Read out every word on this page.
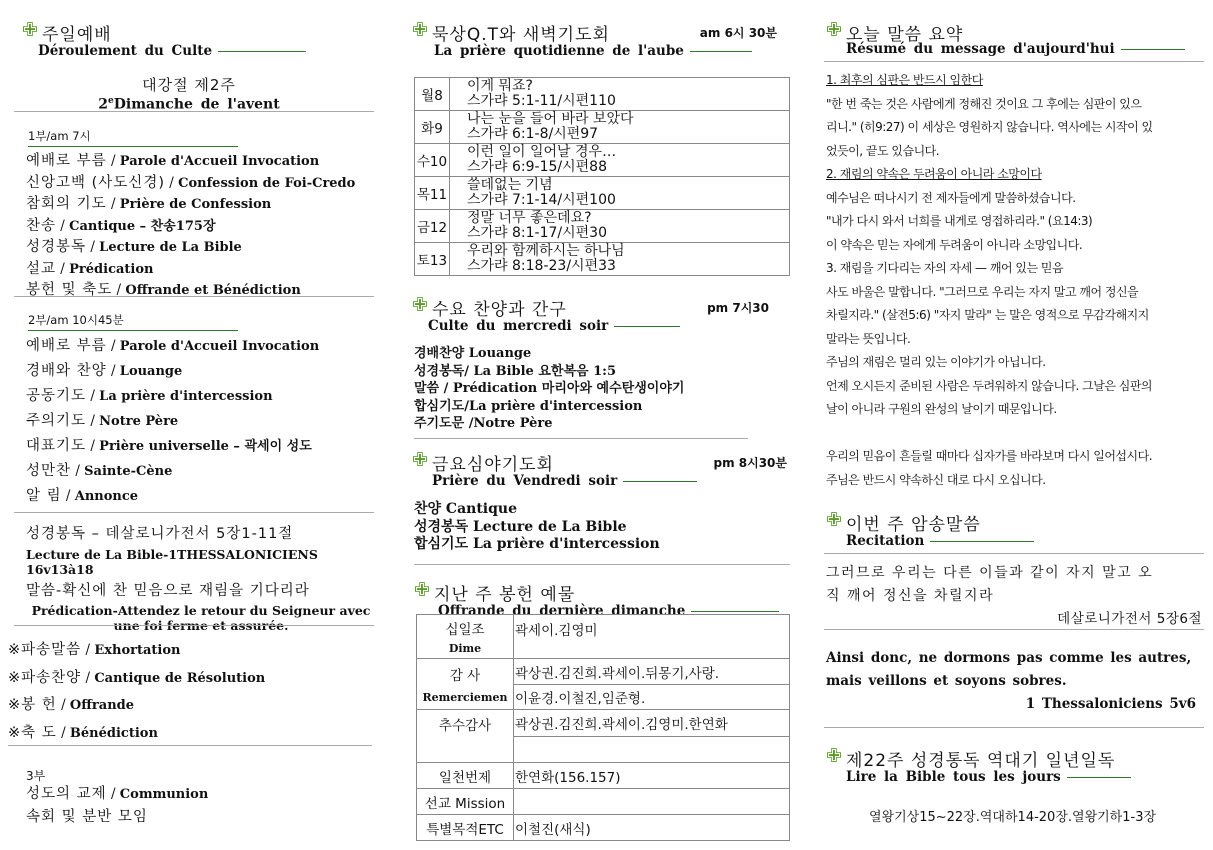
✙ 주일예배
Déroulement du Culte
대강절 제2주
2eDimanche de l'avent
1부/am 7시
예배로 부름 / Parole d'Accueil Invocation
신앙고백 (사도신경) / Confession de Foi-Credo
참회의 기도 / Prière de Confession
찬송 / Cantique – 찬송175장
성경봉독 / Lecture de La Bible
설교 / Prédication
봉헌 및 축도 / Offrande et Bénédiction
2부/am 10시45분
예배로 부름 / Parole d'Accueil Invocation
경배와 찬양 / Louange
공동기도 / La prière d'intercession
주의기도 / Notre Père
대표기도 / Prière universelle – 곽세이 성도
성만찬 / Sainte-Cène
알 림 / Annonce
성경봉독 – 데살로니가전서 5장1-11절
Lecture de La Bible-1THESSALONICIENS 16v13à18
말씀-확신에 찬 믿음으로 재림을 기다리라
Prédication-Attendez le retour du Seigneur avec
une foi ferme et assurée.
※파송말씀 / Exhortation
※파송찬양 / Cantique de Résolution
※봉 헌 / Offrande
※축 도 / Bénédiction
3부
성도의 교제 / Communion
속회 및 분반 모임
✙ 묵상Q.T와 새벽기도회
La prière quotidienne de l'aube
am 6시 30분
월8	이게 뭐죠?
스가랴 5:1-11/시편110

화9	나는 눈을 들어 바라 보았다
스가랴 6:1-8/시편97

수10	이런 일이 일어날 경우…
스가랴 6:9-15/시편88

목11	쓸데없는 기념
스가랴 7:1-14/시편100

금12	정말 너무 좋은데요?
스가랴 8:1-17/시편30

토13	우리와 함께하시는 하나님
스가랴 8:18-23/시편33
✙ 수요 찬양과 간구
Culte du mercredi soir
pm 7시30
경배찬양 Louange
성경봉독/ La Bible 요한복음 1:5
말씀 / Prédication 마리아와 예수탄생이야기
합심기도/La prière d'intercession
주기도문 /Notre Père
✙ 금요심야기도회
Prière du Vendredi soir
pm 8시30분
찬양 Cantique
성경봉독 Lecture de La Bible
합심기도 La prière d'intercession
✙ 지난 주 봉헌 예물
Offrande du dernière dimanche
십일조
Dime	곽세이.김영미

감 사
Remerciemen	곽상권.김진희.곽세이.뒤몽기,사랑.
	이윤경.이철진,임준형.
추수감사	곽상권.김진희.곽세이.김영미.한연화

일천번제	한연화(156.157)
선교 Mission	
특별목적ETC	이철진(새식)
✙ 오늘 말씀 요약
Résumé du message d'aujourd'hui
1. 최후의 심판은 반드시 임한다
"한 번 죽는 것은 사람에게 정해진 것이요 그 후에는 심판이 있으
리니." (히9:27) 이 세상은 영원하지 않습니다. 역사에는 시작이 있
었듯이, 끝도 있습니다.
2. 재림의 약속은 두려움이 아니라 소망이다
예수님은 떠나시기 전 제자들에게 말씀하셨습니다.
"내가 다시 와서 너희를 내게로 영접하리라." (요14:3)
이 약속은 믿는 자에게 두려움이 아니라 소망입니다.
3. 재림을 기다리는 자의 자세 — 깨어 있는 믿음
사도 바울은 말합니다. "그러므로 우리는 자지 말고 깨어 정신을
차릴지라." (살전5:6) "자지 말라" 는 말은 영적으로 무감각해지지
말라는 뜻입니다.
주님의 재림은 멀리 있는 이야기가 아닙니다.
언제 오시든지 준비된 사람은 두려워하지 않습니다. 그날은 심판의
날이 아니라 구원의 완성의 날이기 때문입니다.
우리의 믿음이 흔들릴 때마다 십자가를 바라보며 다시 일어섭시다.
주님은 반드시 약속하신 대로 다시 오십니다.
✙ 이번 주 암송말씀
Recitation
그러므로 우리는 다른 이들과 같이 자지 말고 오
직 깨어 정신을 차릴지라
데살로니가전서 5장6절
Ainsi donc, ne dormons pas comme les autres,
mais veillons et soyons sobres.
1 Thessaloniciens 5v6
✙ 제22주 성경통독 역대기 일년일독
Lire la Bible tous les jours
열왕기상15~22장.역대하14-20장.열왕기하1-3장
